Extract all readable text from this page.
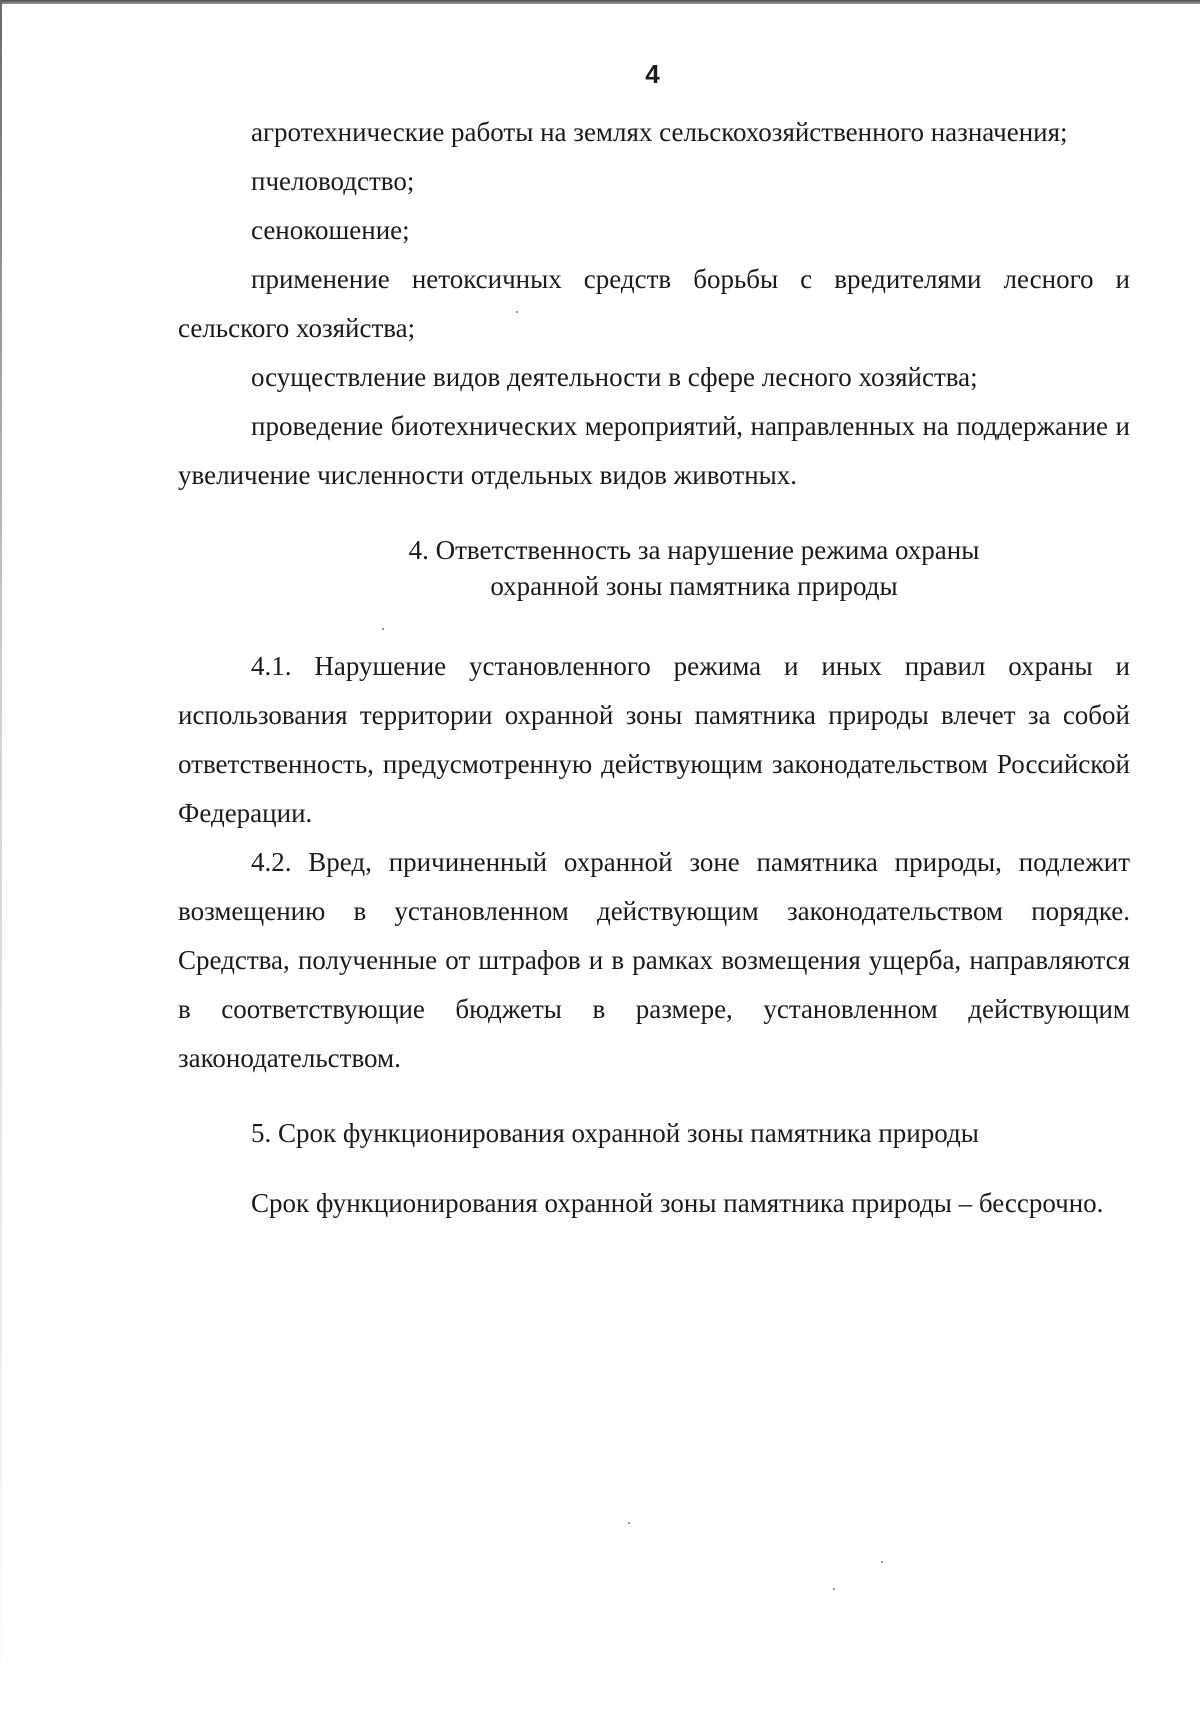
4

агротехнические работы на землях сельскохозяйственного назначения;

пчеловодство;

сенокошение;

применение нетоксичных средств борьбы с вредителями лесного и сельского хозяйства;

осуществление видов деятельности в сфере лесного хозяйства;

проведение биотехнических мероприятий, направленных на поддержание и увеличение численности отдельных видов животных.

4. Ответственность за нарушение режима охраны

охранной зоны памятника природы

4.1. Нарушение установленного режима и иных правил охраны и использования территории охранной зоны памятника природы влечет за собой ответственность, предусмотренную действующим законодательством Российской Федерации.

4.2. Вред, причиненный охранной зоне памятника природы, подлежит возмещению в установленном действующим законодательством порядке. Средства, полученные от штрафов и в рамках возмещения ущерба, направляются в соответствующие бюджеты в размере, установленном действующим законодательством.

5. Срок функционирования охранной зоны памятника природы

Срок функционирования охранной зоны памятника природы – бессрочно.
